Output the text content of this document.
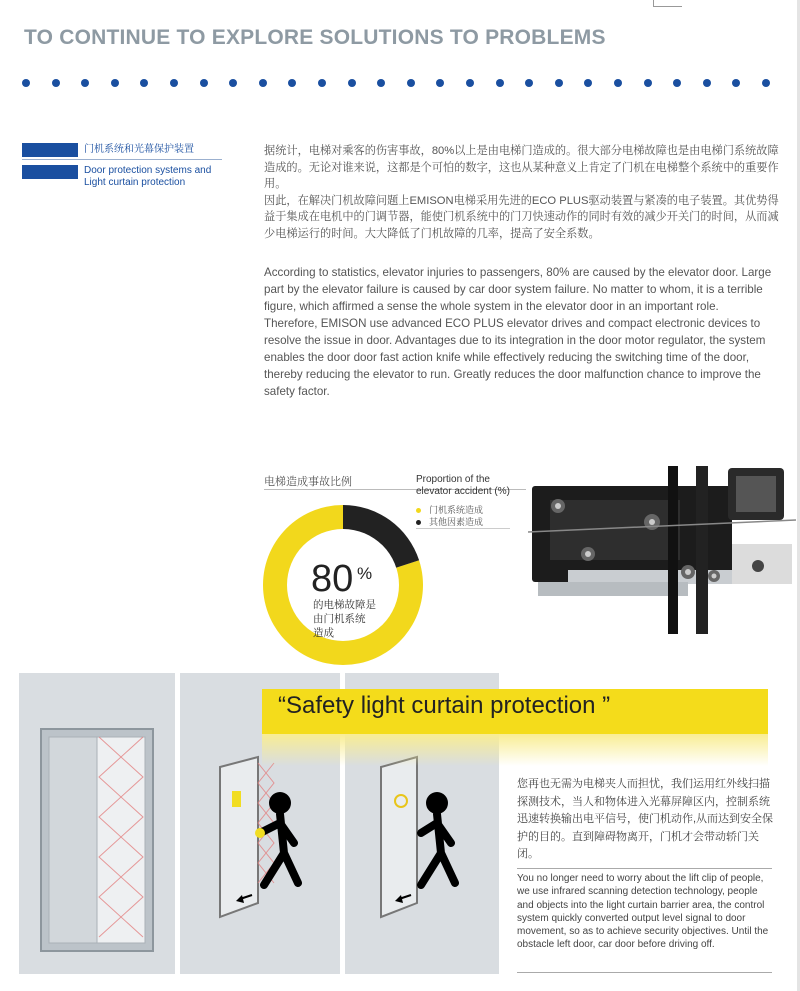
TO CONTINUE TO EXPLORE SOLUTIONS TO PROBLEMS
门机系统和光幕保护装置
Door protection systems and
Light curtain protection

据统计，电梯对乘客的伤害事故，80%以上是由电梯门造成的。很大部分电梯故障也是由电梯门系统故障造成的。无论对谁来说，这都是个可怕的数字，这也从某种意义上肯定了门机在电梯整个系统中的重要作用。

因此，在解决门机故障问题上EMISON电梯采用先进的ECO PLUS驱动装置与紧凑的电子装置。其优势得益于集成在电机中的门调节器，能使门机系统中的门刀快速动作的同时有效的减少开关门的时间，从而减少电梯运行的时间。大大降低了门机故障的几率，提高了安全系数。

According to statistics, elevator injuries to passengers, 80% are caused by the elevator door. Large part by the elevator failure is caused by car door system failure. No matter to whom, it is a terrible figure, which affirmed a sense the whole system in the elevator door in an important role.

Therefore, EMISON use advanced ECO PLUS elevator drives and compact electronic devices to resolve the issue in door. Advantages due to its integration in the door motor regulator, the system enables the door door fast action knife while effectively reducing the switching time of the door, thereby reducing the elevator to run. Greatly reduces the door malfunction chance to improve the safety factor.

电梯造成事故比例	Proportion of the
elevator accident (%)
门机系统造成
其他因素造成
80 %
的电梯故障是
由门机系统
造成
“Safety light curtain protection ”
您再也无需为电梯夹人而担忧，我们运用红外线扫描探测技术，当人和物体进入光幕屏障区内，控制系统迅速转换输出电平信号，使门机动作,从而达到安全保护的目的。直到障碍物离开，门机才会带动轿门关闭。
You no longer need to worry about the lift clip of people, we use infrared scanning detection technology, people and objects into the light curtain barrier area, the control system quickly converted output level signal to door movement, so as to achieve security objectives. Until the obstacle left door, car door before driving off.
